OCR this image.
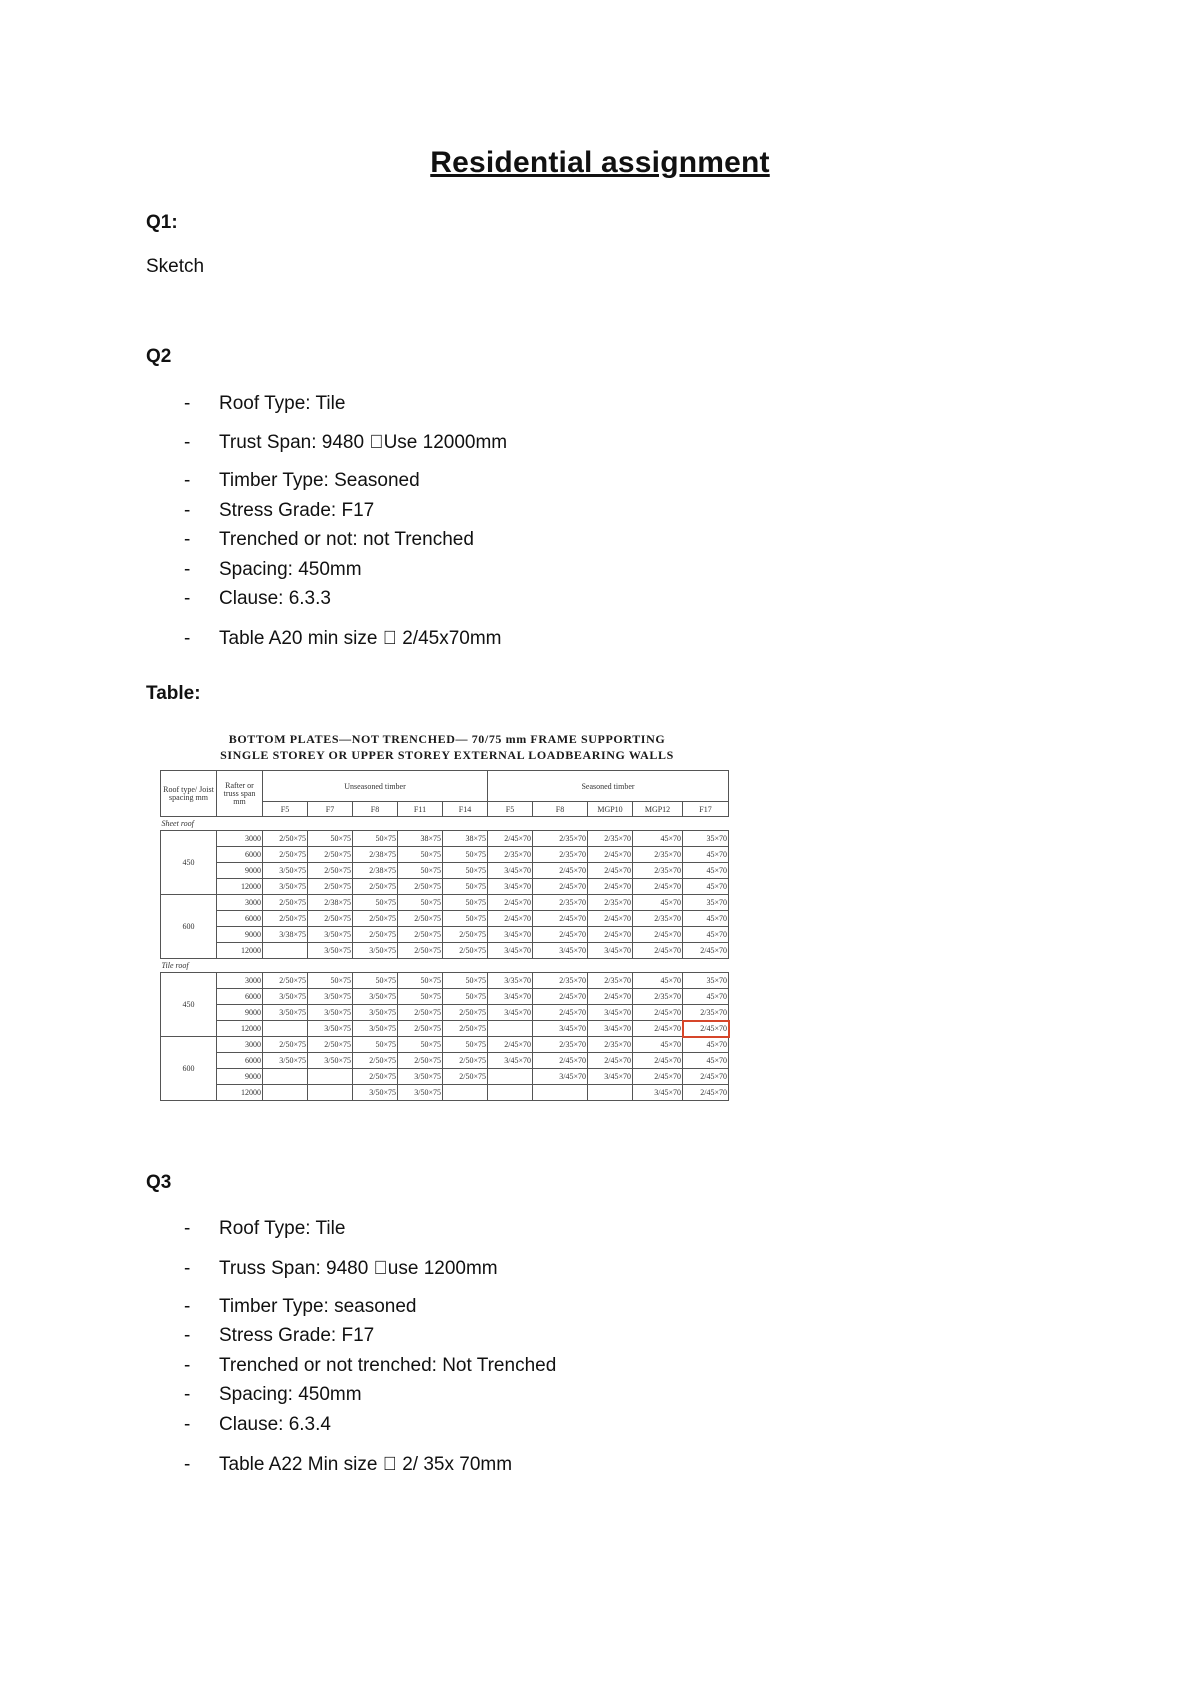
Residential assignment
Q1:
Sketch
Q2
- Roof Type: Tile
- Trust Span: 9480  Use 12000mm
- Timber Type: Seasoned
- Stress Grade: F17
- Trenched or not: not Trenched
- Spacing: 450mm
- Clause: 6.3.3
- Table A20 min size   2/45x70mm
Table:
BOTTOM PLATES—NOT TRENCHED— 70/75 mm FRAME SUPPORTING
SINGLE STOREY OR UPPER STOREY EXTERNAL LOADBEARING WALLS
Roof type/ Joist spacing mm	Rafter or truss span mm	Unseasoned timber					Seasoned timber				
		F5	F7	F8	F11	F14	F5	F8	MGP10	MGP12	F17
Sheet roof											
450	3000	2/50×75	50×75	50×75	38×75	38×75	2/45×70	2/35×70	2/35×70	45×70	35×70
	6000	2/50×75	2/50×75	2/38×75	50×75	50×75	2/35×70	2/35×70	2/45×70	2/35×70	45×70
	9000	3/50×75	2/50×75	2/38×75	50×75	50×75	3/45×70	2/45×70	2/45×70	2/35×70	45×70
	12000	3/50×75	2/50×75	2/50×75	2/50×75	50×75	3/45×70	2/45×70	2/45×70	2/45×70	45×70
600	3000	2/50×75	2/38×75	50×75	50×75	50×75	2/45×70	2/35×70	2/35×70	45×70	35×70
	6000	2/50×75	2/50×75	2/50×75	2/50×75	50×75	2/45×70	2/45×70	2/45×70	2/35×70	45×70
	9000	3/38×75	3/50×75	2/50×75	2/50×75	2/50×75	3/45×70	2/45×70	2/45×70	2/45×70	45×70
	12000		3/50×75	3/50×75	2/50×75	2/50×75	3/45×70	3/45×70	3/45×70	2/45×70	2/45×70
Tile roof											
450	3000	2/50×75	50×75	50×75	50×75	50×75	3/35×70	2/35×70	2/35×70	45×70	35×70
	6000	3/50×75	3/50×75	3/50×75	50×75	50×75	3/45×70	2/45×70	2/45×70	2/35×70	45×70
	9000	3/50×75	3/50×75	3/50×75	2/50×75	2/50×75	3/45×70	2/45×70	3/45×70	2/45×70	2/35×70
	12000		3/50×75	3/50×75	2/50×75	2/50×75		3/45×70	3/45×70	2/45×70	2/45×70
600	3000	2/50×75	2/50×75	50×75	50×75	50×75	2/45×70	2/35×70	2/35×70	45×70	45×70
	6000	3/50×75	3/50×75	2/50×75	2/50×75	2/50×75	3/45×70	2/45×70	2/45×70	2/45×70	45×70
	9000			2/50×75	3/50×75	2/50×75		3/45×70	3/45×70	2/45×70	2/45×70
	12000			3/50×75	3/50×75					3/45×70	2/45×70
Q3
- Roof Type: Tile
- Truss Span: 9480  use 1200mm
- Timber Type: seasoned
- Stress Grade: F17
- Trenched or not trenched: Not Trenched
- Spacing: 450mm
- Clause: 6.3.4
- Table A22 Min size   2/ 35x 70mm
